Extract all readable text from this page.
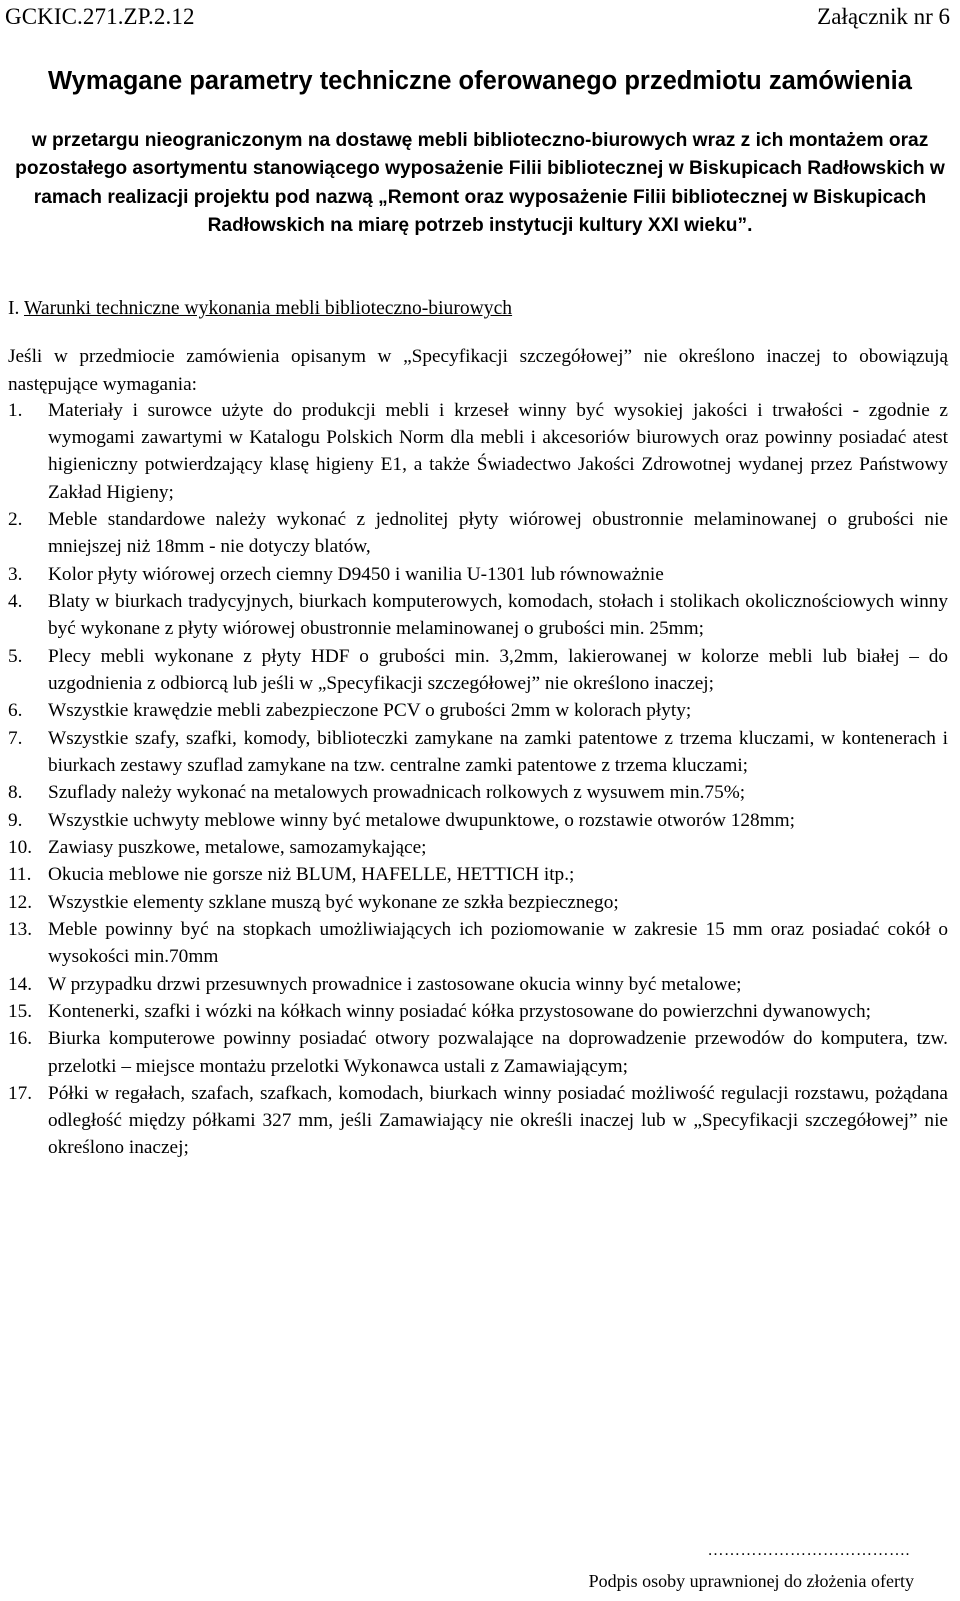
GCKIC.271.ZP.2.12	Załącznik nr 6
Wymagane parametry techniczne oferowanego przedmiotu zamówienia
w przetargu nieograniczonym na dostawę mebli biblioteczno-biurowych wraz z ich montażem oraz pozostałego asortymentu stanowiącego wyposażenie Filii bibliotecznej w Biskupicach Radłowskich w ramach realizacji projektu pod nazwą „Remont oraz wyposażenie Filii bibliotecznej w Biskupicach Radłowskich na miarę potrzeb instytucji kultury XXI wieku”.
I. Warunki techniczne wykonania mebli biblioteczno-biurowych
Jeśli w przedmiocie zamówienia opisanym w „Specyfikacji szczegółowej” nie określono inaczej to obowiązują następujące wymagania:
1. Materiały i surowce użyte do produkcji mebli i krzeseł winny być wysokiej jakości i trwałości - zgodnie z wymogami zawartymi w Katalogu Polskich Norm dla mebli i akcesoriów biurowych oraz powinny posiadać atest higieniczny potwierdzający klasę higieny E1, a także Świadectwo Jakości Zdrowotnej wydanej przez Państwowy Zakład Higieny;
2. Meble standardowe należy wykonać z jednolitej płyty wiórowej obustronnie melaminowanej o grubości nie mniejszej niż 18mm - nie dotyczy blatów,
3. Kolor płyty wiórowej orzech ciemny D9450 i wanilia U-1301 lub równoważnie
4. Blaty w biurkach tradycyjnych, biurkach komputerowych, komodach, stołach i stolikach okolicznościowych winny być wykonane z płyty wiórowej obustronnie melaminowanej o grubości min. 25mm;
5. Plecy mebli wykonane z płyty HDF o grubości min. 3,2mm, lakierowanej w kolorze mebli lub białej – do uzgodnienia z odbiorcą lub jeśli w „Specyfikacji szczegółowej” nie określono inaczej;
6. Wszystkie krawędzie mebli zabezpieczone PCV o grubości 2mm w kolorach płyty;
7. Wszystkie szafy, szafki, komody, biblioteczki zamykane na zamki patentowe z trzema kluczami, w kontenerach i biurkach zestawy szuflad zamykane na tzw. centralne zamki patentowe z trzema kluczami;
8. Szuflady należy wykonać na metalowych prowadnicach rolkowych z wysuwem min.75%;
9. Wszystkie uchwyty meblowe winny być metalowe dwupunktowe, o rozstawie otworów 128mm;
10. Zawiasy puszkowe, metalowe, samozamykające;
11. Okucia meblowe nie gorsze niż BLUM, HAFELLE, HETTICH itp.;
12. Wszystkie elementy szklane muszą być wykonane ze szkła bezpiecznego;
13. Meble powinny być na stopkach umożliwiających ich poziomowanie w zakresie 15 mm oraz posiadać cokół o wysokości min.70mm
14. W przypadku drzwi przesuwnych prowadnice i zastosowane okucia winny być metalowe;
15. Kontenerki, szafki i wózki na kółkach winny posiadać kółka przystosowane do powierzchni dywanowych;
16. Biurka komputerowe powinny posiadać otwory pozwalające na doprowadzenie przewodów do komputera, tzw. przelotki – miejsce montażu przelotki Wykonawca ustali z Zamawiającym;
17. Półki w regałach, szafach, szafkach, komodach, biurkach winny posiadać możliwość regulacji rozstawu, pożądana odległość między półkami 327 mm, jeśli Zamawiający nie określi inaczej lub w „Specyfikacji szczegółowej” nie określono inaczej;
……………………………….
Podpis osoby uprawnionej do złożenia oferty
